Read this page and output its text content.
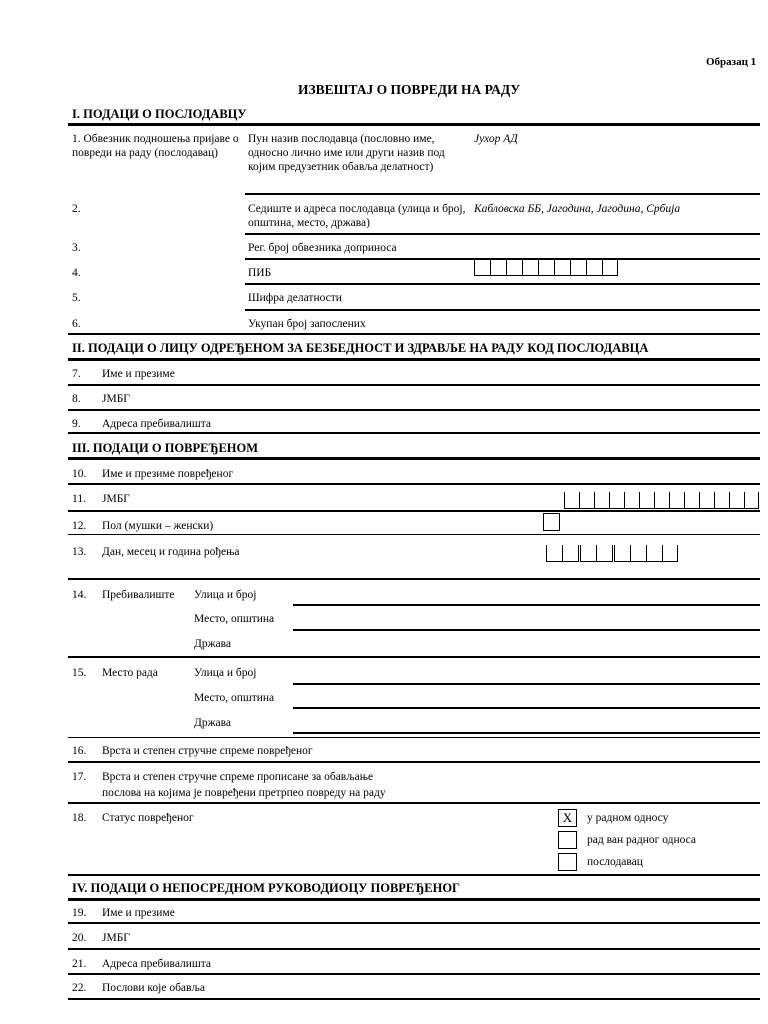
Образац 1
ИЗВЕШТАЈ О ПОВРЕДИ НА РАДУ
I. ПОДАЦИ О ПОСЛОДАВЦУ
1. Обвезник подношења пријаве о повреди на раду (послодавац)
Пун назив послодавца (пословно име, односно лично име или други назив под којим предузетник обавља делатност)
Јухор АД
2.	Седиште и адреса послодавца (улица и број, општина, место, држава)
Кабловска ББ, Јагодина, Јагодина, Србија
3.	Рег. број обвезника доприноса
4.	ПИБ
5.	Шифра делатности
6.	Укупан број запослених
II. ПОДАЦИ О ЛИЦУ ОДРЕЂЕНОМ ЗА БЕЗБЕДНОСТ И ЗДРАВЉЕ НА РАДУ КОД ПОСЛОДАВЦА
7. Име и презиме
8. ЈМБГ
9. Адреса пребивалишта
III. ПОДАЦИ О ПОВРЕЂЕНОМ
10. Име и презиме повређеног
11. ЈМБГ
12. Пол (мушки – женски)
13. Дан, месец и година рођења
14. Пребивалиште Улица и број
Место, општина
Држава
15. Место рада	Улица и број
Место, општина
Држава
16. Врста и степен стручне спреме повређеног
17. Врста и степен стручне спреме прописане за обављање
послова на којима је повређени претрпео повреду на раду
18. Статус повређеног	X	у радном односу
рад ван радног односа
послодавац
IV. ПОДАЦИ О НЕПОСРЕДНОМ РУКОВОДИОЦУ ПОВРЕЂЕНОГ
19. Име и презиме
20. ЈМБГ
21. Адреса пребивалишта
22. Послови које обавља
